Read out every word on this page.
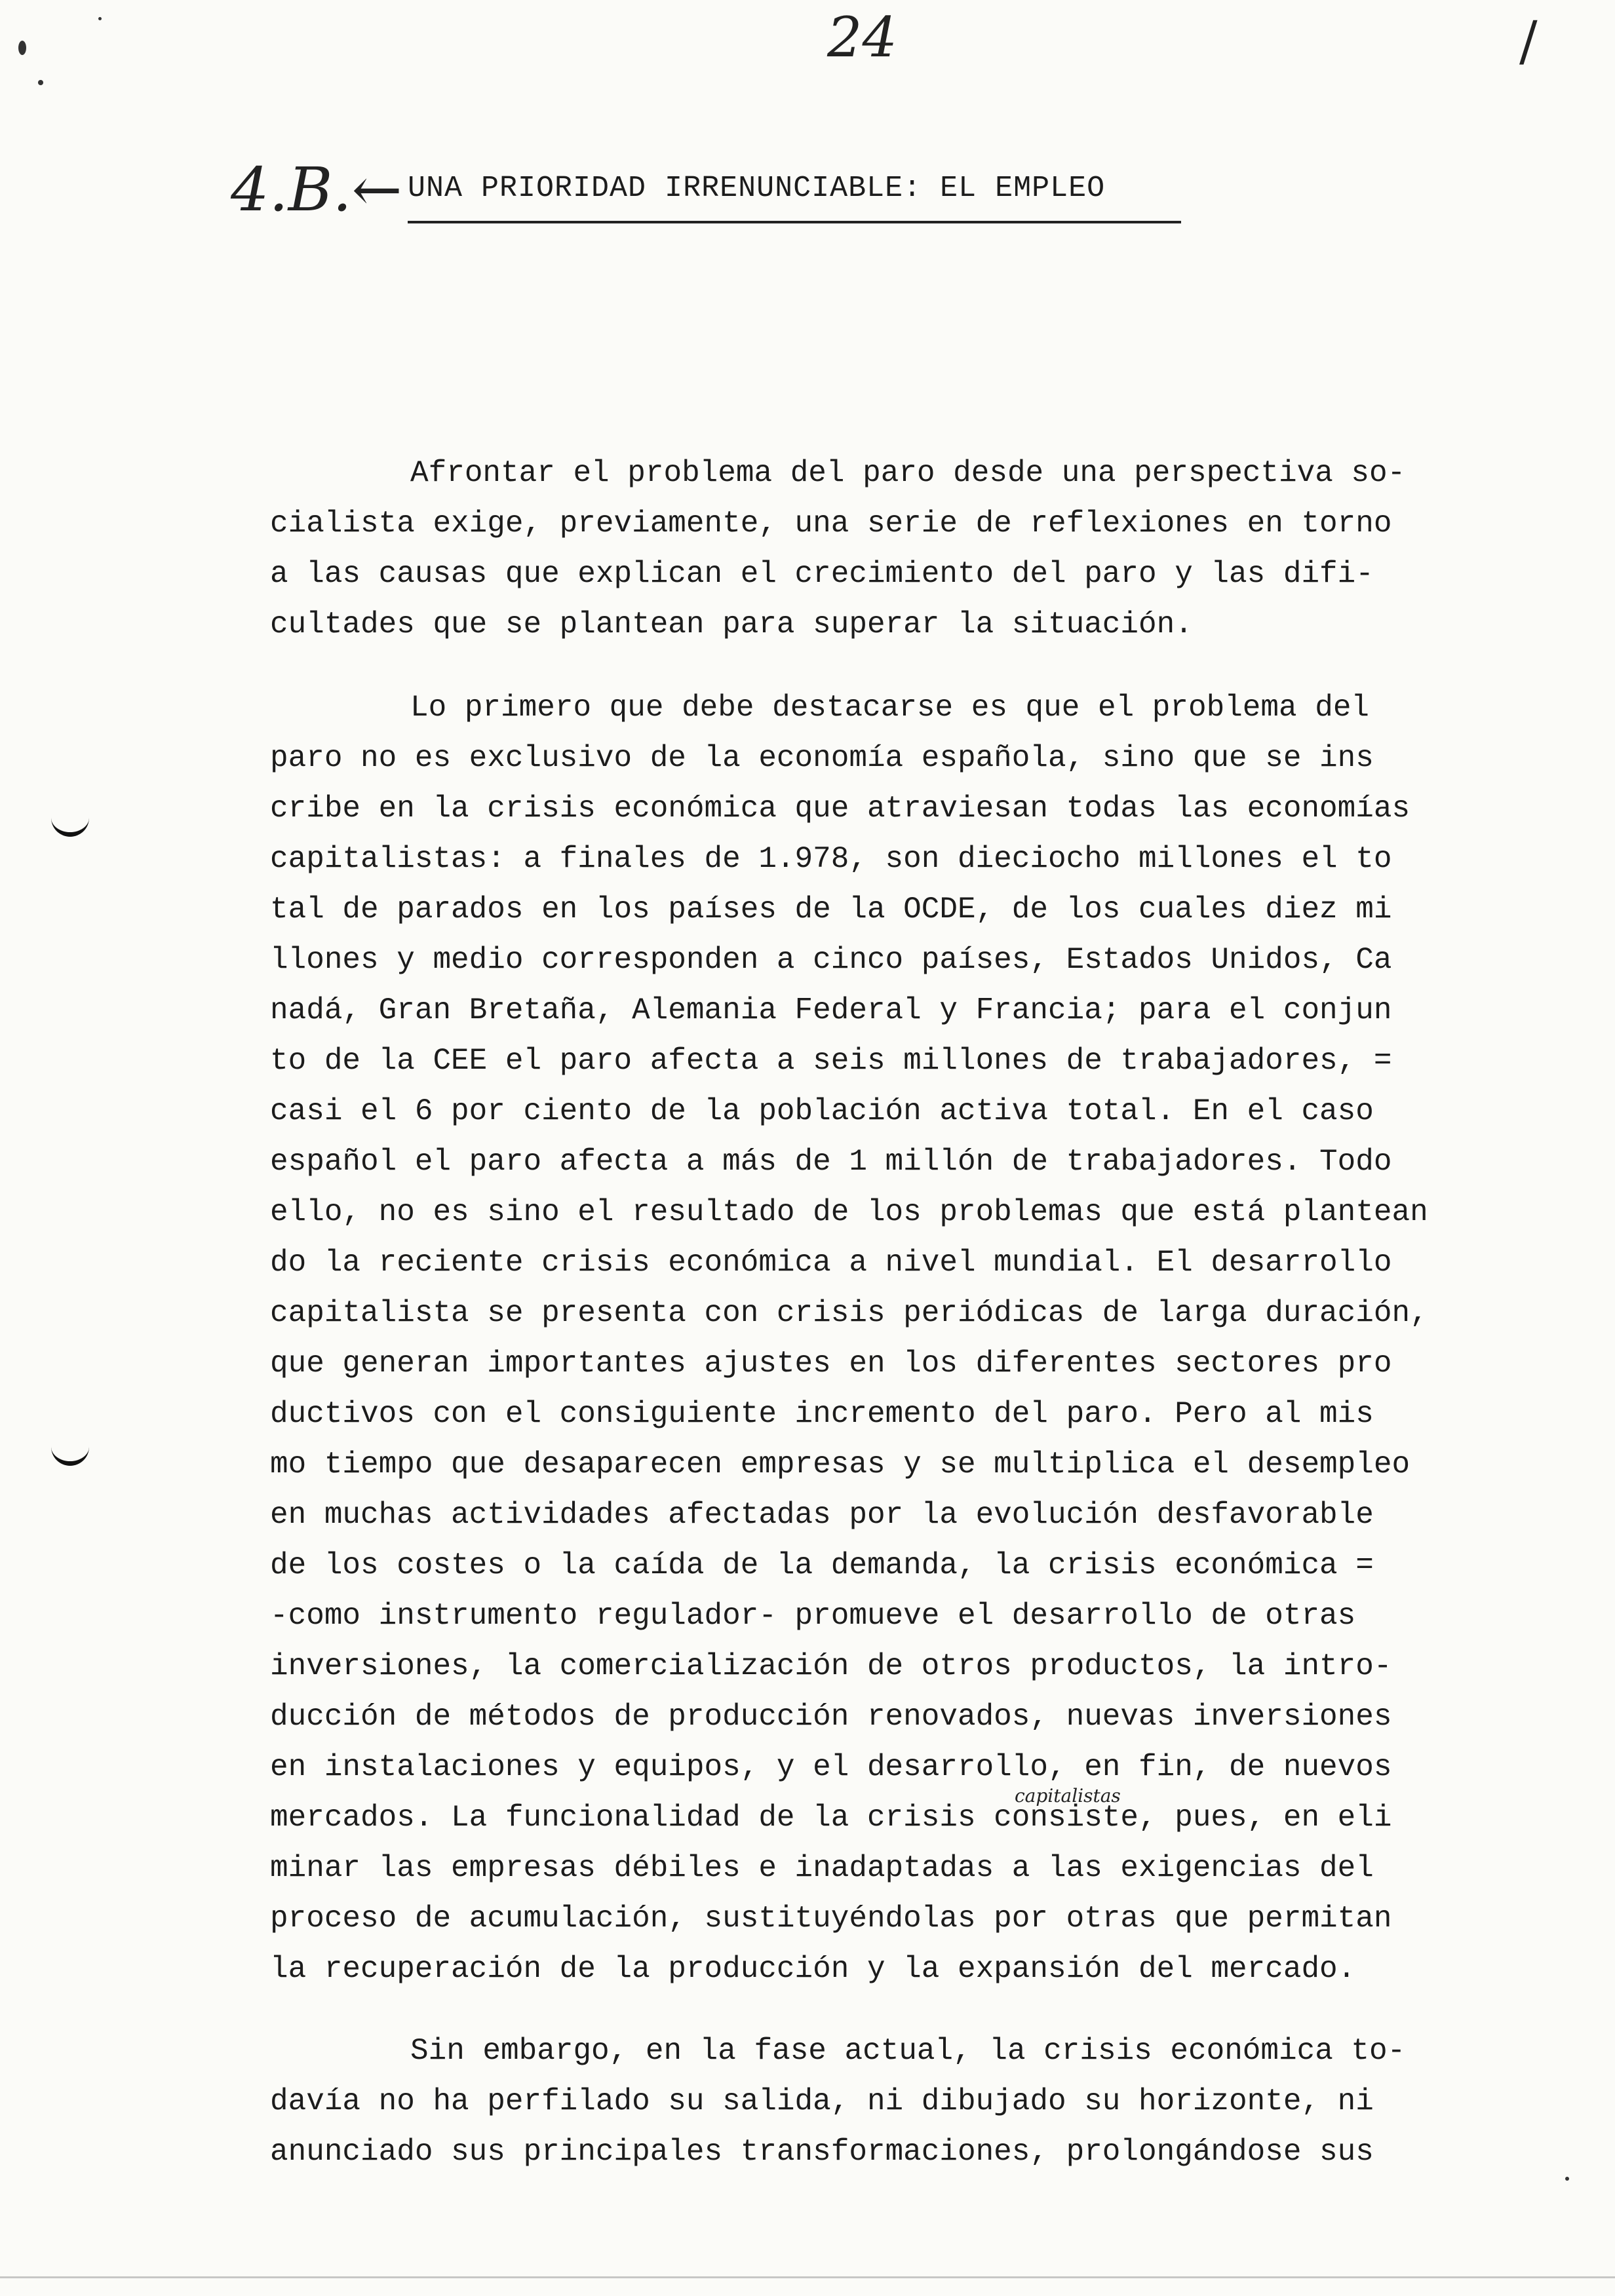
24	/
4.B.← UNA PRIORIDAD IRRENUNCIABLE: EL EMPLEO
capitalistas
Afrontar el problema del paro desde una perspectiva so-
cialista exige, previamente, una serie de reflexiones en torno
a las causas que explican el crecimiento del paro y las difi-
cultades que se plantean para superar la situación.
Lo primero que debe destacarse es que el problema del
paro no es exclusivo de la economía española, sino que se ins
cribe en la crisis económica que atraviesan todas las economías
capitalistas: a finales de 1.978, son dieciocho millones el to
tal de parados en los países de la OCDE, de los cuales diez mi
llones y medio corresponden a cinco países, Estados Unidos, Ca
nadá, Gran Bretaña, Alemania Federal y Francia; para el conjun
to de la CEE el paro afecta a seis millones de trabajadores, =
casi el 6 por ciento de la población activa total. En el caso
español el paro afecta a más de 1 millón de trabajadores. Todo
ello, no es sino el resultado de los problemas que está plantean
do la reciente crisis económica a nivel mundial. El desarrollo
capitalista se presenta con crisis periódicas de larga duración,
que generan importantes ajustes en los diferentes sectores pro
ductivos con el consiguiente incremento del paro. Pero al mis
mo tiempo que desaparecen empresas y se multiplica el desempleo
en muchas actividades afectadas por la evolución desfavorable
de los costes o la caída de la demanda, la crisis económica =
-como instrumento regulador- promueve el desarrollo de otras
inversiones, la comercialización de otros productos, la intro-
ducción de métodos de producción renovados, nuevas inversiones
en instalaciones y equipos, y el desarrollo, en fin, de nuevos
mercados. La funcionalidad de la crisis consiste, pues, en eli
minar las empresas débiles e inadaptadas a las exigencias del
proceso de acumulación, sustituyéndolas por otras que permitan
la recuperación de la producción y la expansión del mercado.
Sin embargo, en la fase actual, la crisis económica to-
davía no ha perfilado su salida, ni dibujado su horizonte, ni
anunciado sus principales transformaciones, prolongándose sus
